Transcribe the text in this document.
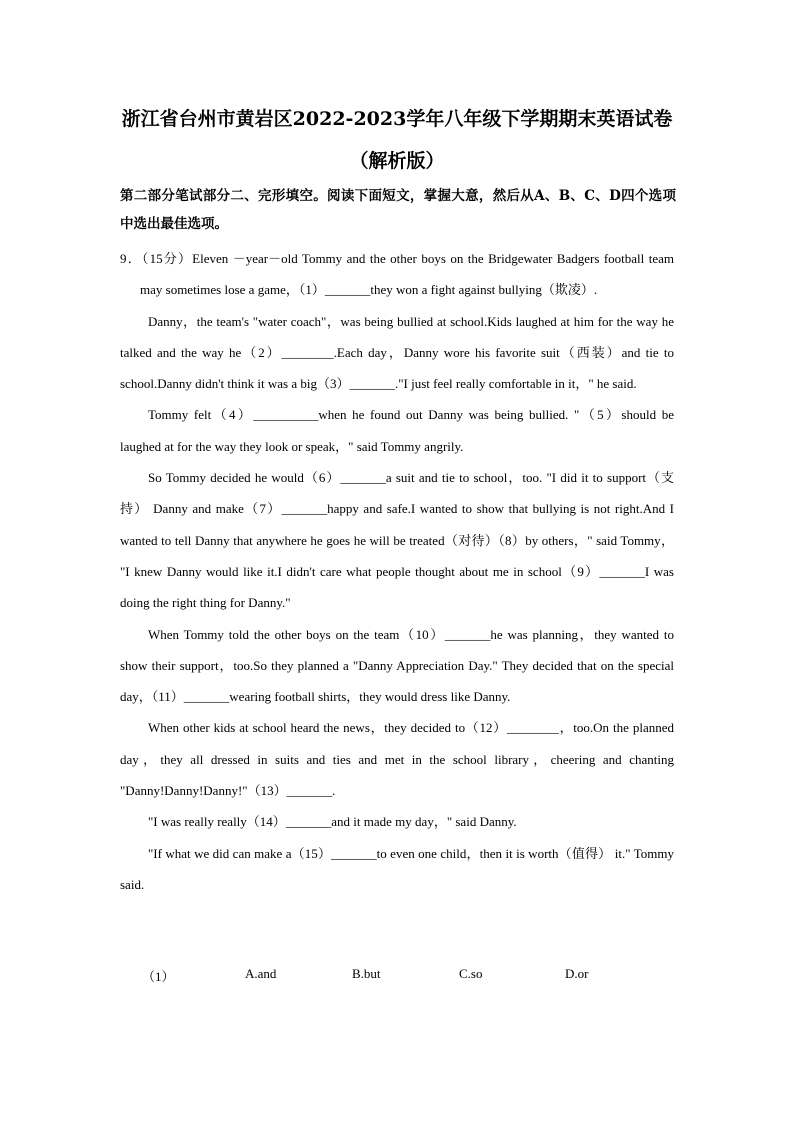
浙江省台州市黄岩区2022-2023学年八年级下学期期末英语试卷
（解析版）
第二部分笔试部分二、完形填空。阅读下面短文，掌握大意，然后从A、B、C、D四个选项中选出最佳选项。

9．（15分）Eleven －year－old Tommy and the other boys on the Bridgewater Badgers football team may sometimes lose a game，（1）_______they won a fight against bullying（欺凌）.

Danny，the team's "water coach"，was being bullied at school.Kids laughed at him for the way he talked and the way he（2）________.Each day，Danny wore his favorite suit（西装）and tie to school.Danny didn't think it was a big（3）_______."I just feel really comfortable in it，" he said.

Tommy felt（4）__________when he found out Danny was being bullied. "（5）should be laughed at for the way they look or speak，" said Tommy angrily.

So Tommy decided he would（6）_______a suit and tie to school，too. "I did it to support（支持） Danny and make（7）_______happy and safe.I wanted to show that bullying is not right.And I wanted to tell Danny that anywhere he goes he will be treated（对待）（8）by others，" said Tommy， "I knew Danny would like it.I didn't care what people thought about me in school（9）_______I was doing the right thing for Danny."

When Tommy told the other boys on the team（10）_______he was planning，they wanted to show their support，too.So they planned a "Danny Appreciation Day." They decided that on the special day，（11）_______wearing football shirts，they would dress like Danny.

When other kids at school heard the news，they decided to（12）________，too.On the planned day，they all dressed in suits and ties and met in the school library，cheering and chanting "Danny!Danny!Danny!"（13）_______.

"I was really really（14）_______and it made my day，" said Danny.

"If what we did can make a（15）_______to even one child，then it is worth（值得） it." Tommy said.

（1）	A.and	B.but	C.so	D.or
